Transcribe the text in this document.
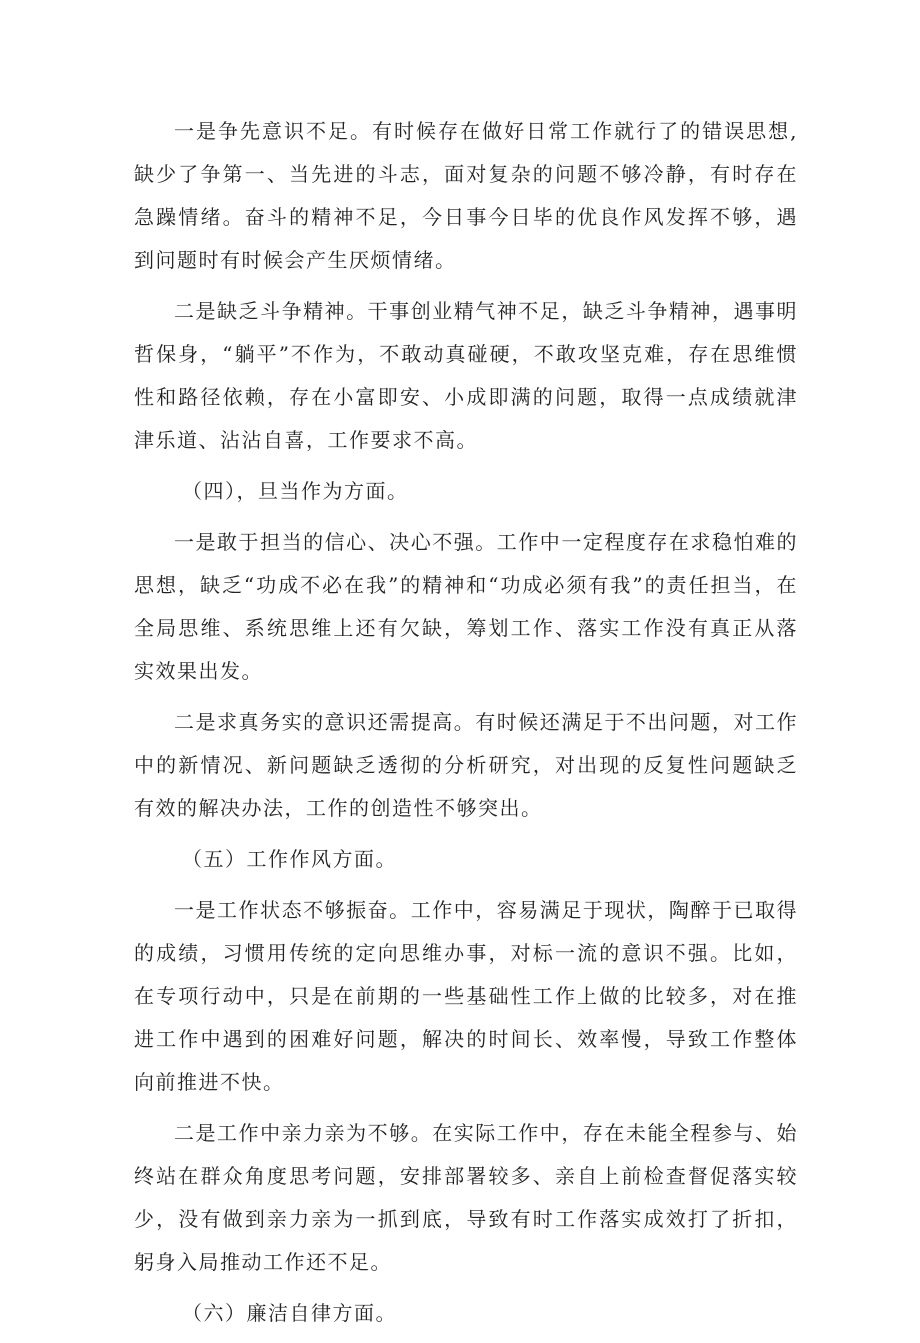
一是争先意识不足。有时候存在做好日常工作就行了的错误思想,缺少了争第一、当先进的斗志，面对复杂的问题不够冷静，有时存在急躁情绪。奋斗的精神不足，今日事今日毕的优良作风发挥不够，遇到问题时有时候会产生厌烦情绪。

二是缺乏斗争精神。干事创业精气神不足，缺乏斗争精神，遇事明哲保身，“躺平”不作为，不敢动真碰硬，不敢攻坚克难，存在思维惯性和路径依赖，存在小富即安、小成即满的问题，取得一点成绩就津津乐道、沾沾自喜，工作要求不高。

（四），旦当作为方面。

一是敢于担当的信心、决心不强。工作中一定程度存在求稳怕难的思想，缺乏“功成不必在我”的精神和“功成必须有我”的责任担当，在全局思维、系统思维上还有欠缺，筹划工作、落实工作没有真正从落实效果出发。

二是求真务实的意识还需提高。有时候还满足于不出问题，对工作中的新情况、新问题缺乏透彻的分析研究，对出现的反复性问题缺乏有效的解决办法，工作的创造性不够突出。

（五）工作作风方面。

一是工作状态不够振奋。工作中，容易满足于现状，陶醉于已取得的成绩，习惯用传统的定向思维办事，对标一流的意识不强。比如，在专项行动中，只是在前期的一些基础性工作上做的比较多，对在推进工作中遇到的困难好问题，解决的时间长、效率慢，导致工作整体向前推进不快。

二是工作中亲力亲为不够。在实际工作中，存在未能全程参与、始终站在群众角度思考问题，安排部署较多、亲自上前检查督促落实较少，没有做到亲力亲为一抓到底，导致有时工作落实成效打了折扣，躬身入局推动工作还不足。

（六）廉洁自律方面。
